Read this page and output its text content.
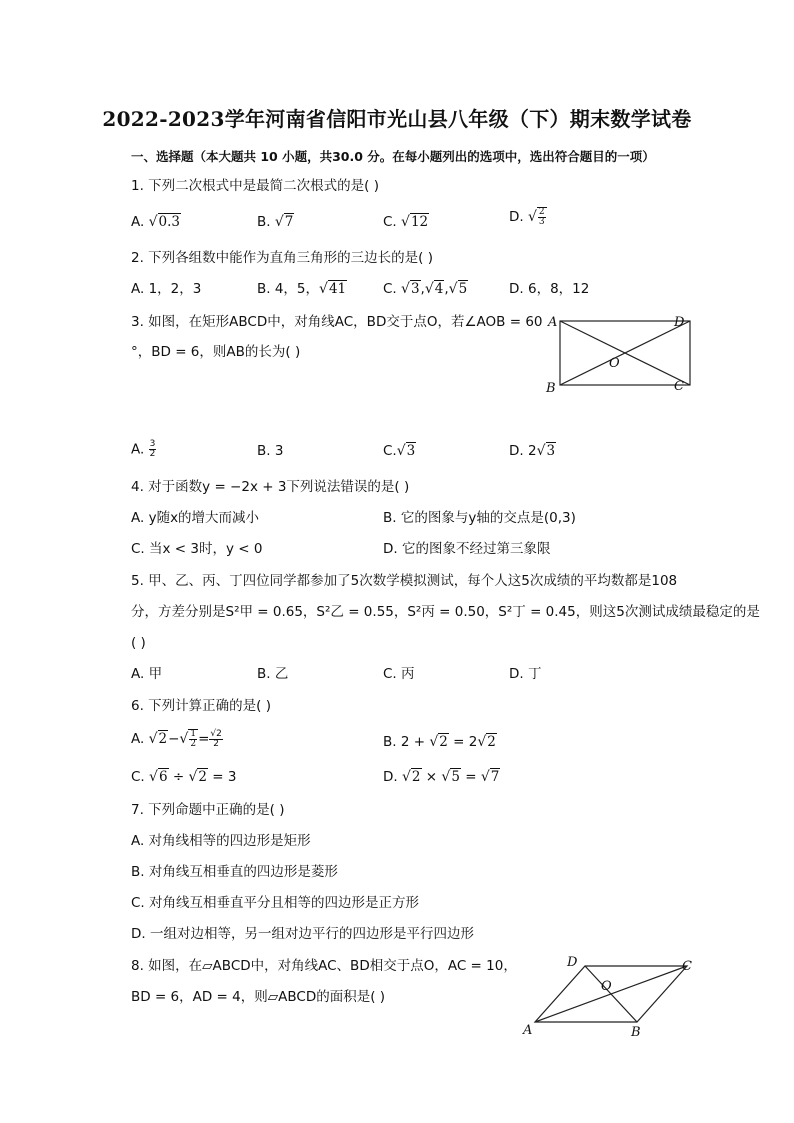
2022-2023学年河南省信阳市光山县八年级（下）期末数学试卷
一、选择题（本大题共 10 小题，共30.0 分。在每小题列出的选项中，选出符合题目的一项）
1. 下列二次根式中是最简二次根式的是( )
A. √0.3	B. √7	C. √12	D. √ $\frac{2}{3}$
2. 下列各组数中能作为直角三角形的三边长的是( )
A. 1，2，3	B. 4，5，√41	C. √3,√4,√5	D. 6，8，12
3. 如图，在矩形ABCD中，对角线AC，BD交于点O，若∠AOB = 60
°，BD = 6，则AB的长为( )
A	D
B	C
O
A. $\frac{3}{2}$	B. 3	C.√3	D. 2√3
4. 对于函数y = −2x + 3下列说法错误的是( )
A. y随x的增大而减小	B. 它的图象与y轴的交点是(0,3)
C. 当x < 3时，y < 0	D. 它的图象不经过第三象限
5. 甲、乙、丙、丁四位同学都参加了5次数学模拟测试，每个人这5次成绩的平均数都是108
分，方差分别是S²甲 = 0.65，S²乙 = 0.55，S²丙 = 0.50，S²丁 = 0.45，则这5次测试成绩最稳定的是
( )
A. 甲	B. 乙	C. 丙	D. 丁
6. 下列计算正确的是( )
A. $√2-√ \frac{1}{2} = \frac{√2}{2}$	B. 2 + √2 = 2√2
C. √6 ÷ √2 = 3	D. √2 × √5 = √7
7. 下列命题中正确的是( )
A. 对角线相等的四边形是矩形
B. 对角线互相垂直的四边形是菱形
C. 对角线互相垂直平分且相等的四边形是正方形
D. 一组对边相等，另一组对边平行的四边形是平行四边形
8. 如图，在▱ABCD中，对角线AC、BD相交于点O，AC = 10，
BD = 6，AD = 4，则▱ABCD的面积是( )
A	B
C
D
O
